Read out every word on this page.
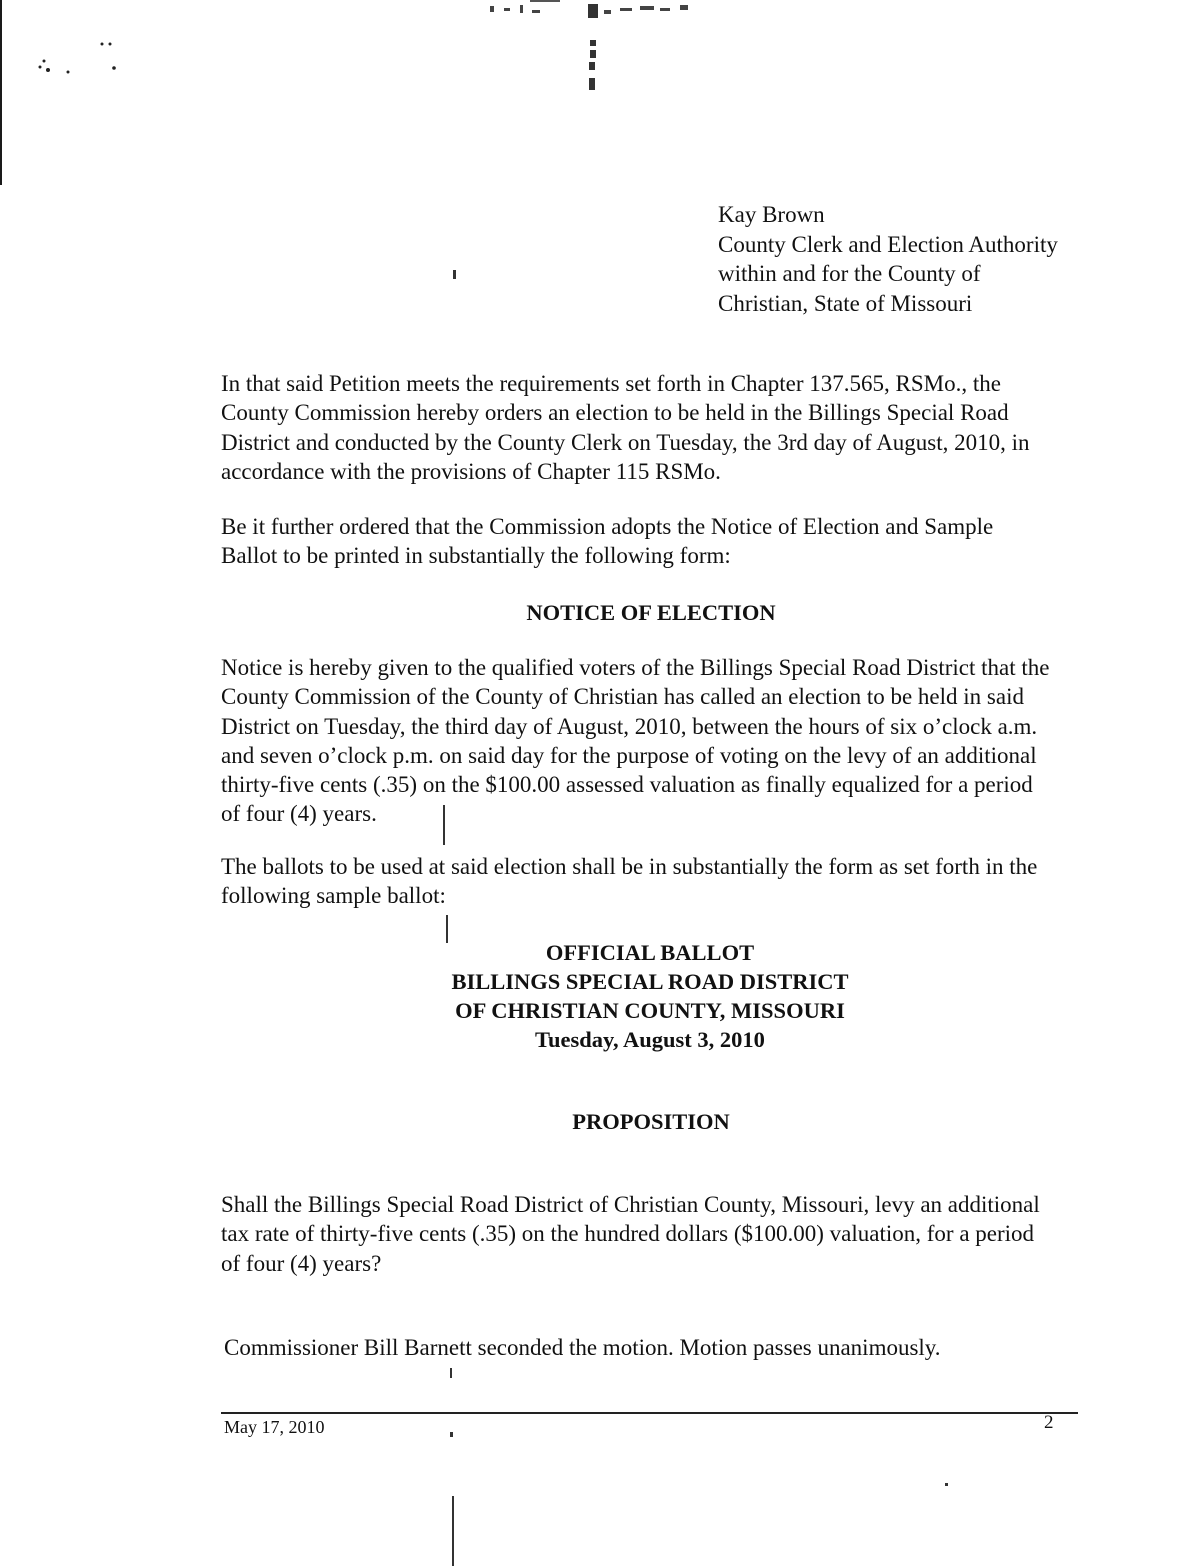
Kay Brown
County Clerk and Election Authority
within and for the County of
Christian, State of Missouri

In that said Petition meets the requirements set forth in Chapter 137.565, RSMo., the

County Commission hereby orders an election to be held in the Billings Special Road

District and conducted by the County Clerk on Tuesday, the 3rd day of August, 2010, in

accordance with the provisions of Chapter 115 RSMo.

Be it further ordered that the Commission adopts the Notice of Election and Sample

Ballot to be printed in substantially the following form:

NOTICE OF ELECTION

Notice is hereby given to the qualified voters of the Billings Special Road District that the

County Commission of the County of Christian has called an election to be held in said

District on Tuesday, the third day of August, 2010, between the hours of six o’clock a.m.

and seven o’clock p.m. on said day for the purpose of voting on the levy of an additional

thirty-five cents (.35) on the $100.00 assessed valuation as finally equalized for a period

of four (4) years.

The ballots to be used at said election shall be in substantially the form as set forth in the

following sample ballot:

OFFICIAL BALLOT
BILLINGS SPECIAL ROAD DISTRICT
OF CHRISTIAN COUNTY, MISSOURI
Tuesday, August 3, 2010
PROPOSITION

Shall the Billings Special Road District of Christian County, Missouri, levy an additional

tax rate of thirty-five cents (.35) on the hundred dollars ($100.00) valuation, for a period

of four (4) years?

Commissioner Bill Barnett seconded the motion. Motion passes unanimously.

May 17, 2010	2
